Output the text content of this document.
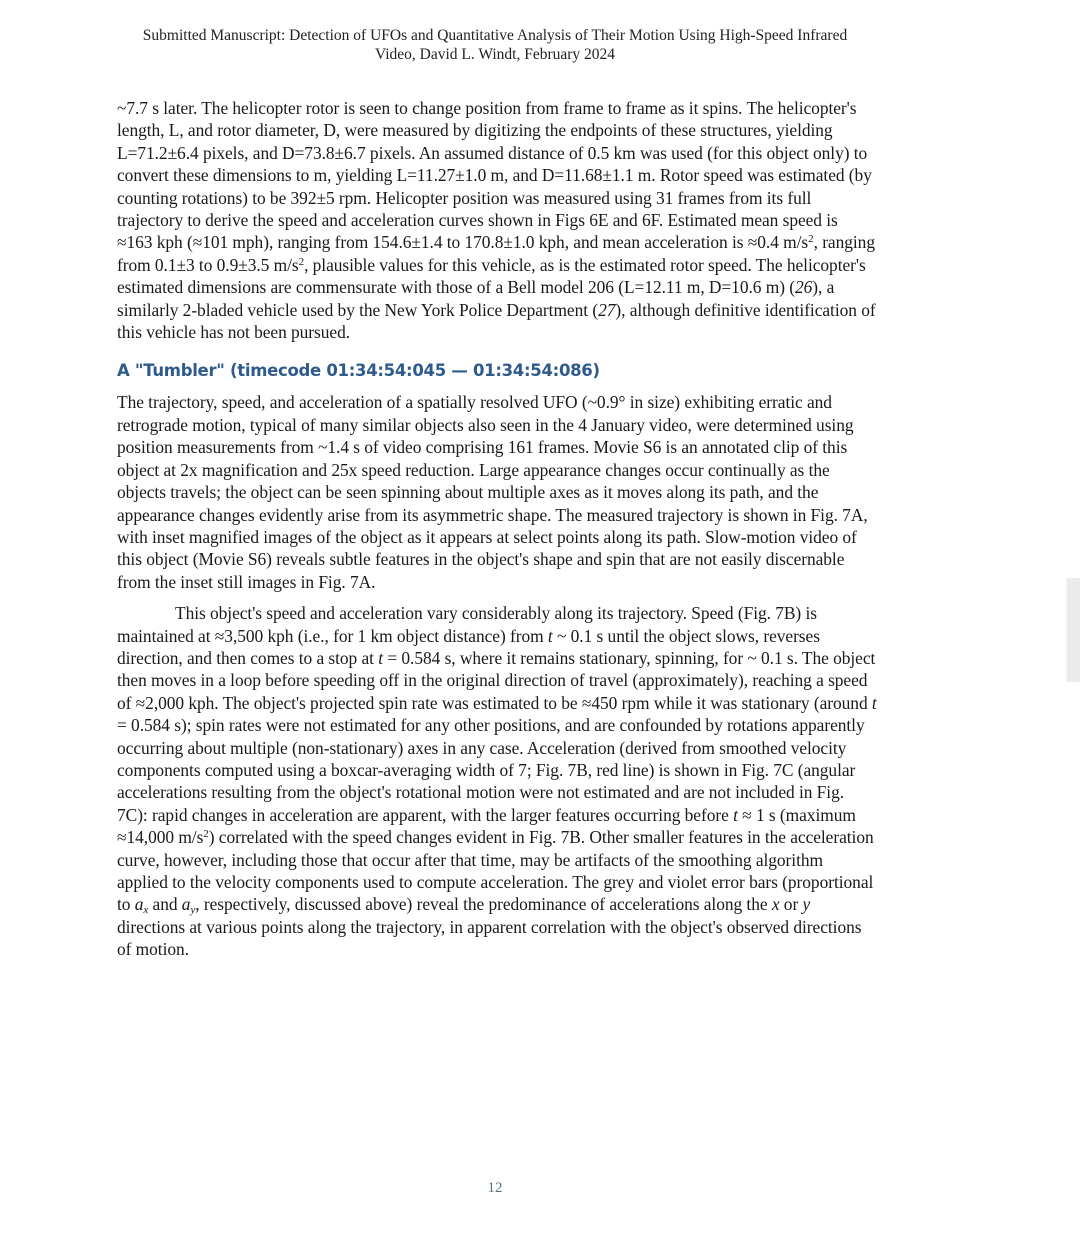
Submitted Manuscript: Detection of UFOs and Quantitative Analysis of Their Motion Using High-Speed Infrared
Video, David L. Windt, February 2024

~7.7 s later. The helicopter rotor is seen to change position from frame to frame as it spins. The helicopter's length, L, and rotor diameter, D, were measured by digitizing the endpoints of these structures, yielding L=71.2±6.4 pixels, and D=73.8±6.7 pixels. An assumed distance of 0.5 km was used (for this object only) to convert these dimensions to m, yielding L=11.27±1.0 m, and D=11.68±1.1 m. Rotor speed was estimated (by counting rotations) to be 392±5 rpm. Helicopter position was measured using 31 frames from its full trajectory to derive the speed and acceleration curves shown in Figs 6E and 6F. Estimated mean speed is ≈163 kph (≈101 mph), ranging from 154.6±1.4 to 170.8±1.0 kph, and mean acceleration is ≈0.4 $m/s^2$, ranging from 0.1±3 to 0.9±3.5 $m/s^2$, plausible values for this vehicle, as is the estimated rotor speed. The helicopter's estimated dimensions are commensurate with those of a Bell model 206 (L=12.11 m, D=10.6 m) (26), a similarly 2-bladed vehicle used by the New York Police Department (27), although definitive identification of this vehicle has not been pursued.

A "Tumbler" (timecode 01:34:54:045 — 01:34:54:086)

The trajectory, speed, and acceleration of a spatially resolved UFO (~0.9° in size) exhibiting erratic and retrograde motion, typical of many similar objects also seen in the 4 January video, were determined using position measurements from ~1.4 s of video comprising 161 frames. Movie S6 is an annotated clip of this object at 2x magnification and 25x speed reduction. Large appearance changes occur continually as the objects travels; the object can be seen spinning about multiple axes as it moves along its path, and the appearance changes evidently arise from its asymmetric shape. The measured trajectory is shown in Fig. 7A, with inset magnified images of the object as it appears at select points along its path. Slow-motion video of this object (Movie S6) reveals subtle features in the object's shape and spin that are not easily discernable from the inset still images in Fig. 7A.

This object's speed and acceleration vary considerably along its trajectory. Speed (Fig. 7B) is maintained at ≈3,500 kph (i.e., for 1 km object distance) from t ~ 0.1 s until the object slows, reverses direction, and then comes to a stop at t = 0.584 s, where it remains stationary, spinning, for ~ 0.1 s. The object then moves in a loop before speeding off in the original direction of travel (approximately), reaching a speed of ≈2,000 kph. The object's projected spin rate was estimated to be ≈450 rpm while it was stationary (around t = 0.584 s); spin rates were not estimated for any other positions, and are confounded by rotations apparently occurring about multiple (non-stationary) axes in any case. Acceleration (derived from smoothed velocity components computed using a boxcar-averaging width of 7; Fig. 7B, red line) is shown in Fig. 7C (angular accelerations resulting from the object's rotational motion were not estimated and are not included in Fig. 7C): rapid changes in acceleration are apparent, with the larger features occurring before t ≈ 1 s (maximum ≈14,000 $m/s^2$) correlated with the speed changes evident in Fig. 7B. Other smaller features in the acceleration curve, however, including those that occur after that time, may be artifacts of the smoothing algorithm applied to the velocity components used to compute acceleration. The grey and violet error bars (proportional to $a_x$ and $a_y$, respectively, discussed above) reveal the predominance of accelerations along the x or y directions at various points along the trajectory, in apparent correlation with the object's observed directions of motion.

12
